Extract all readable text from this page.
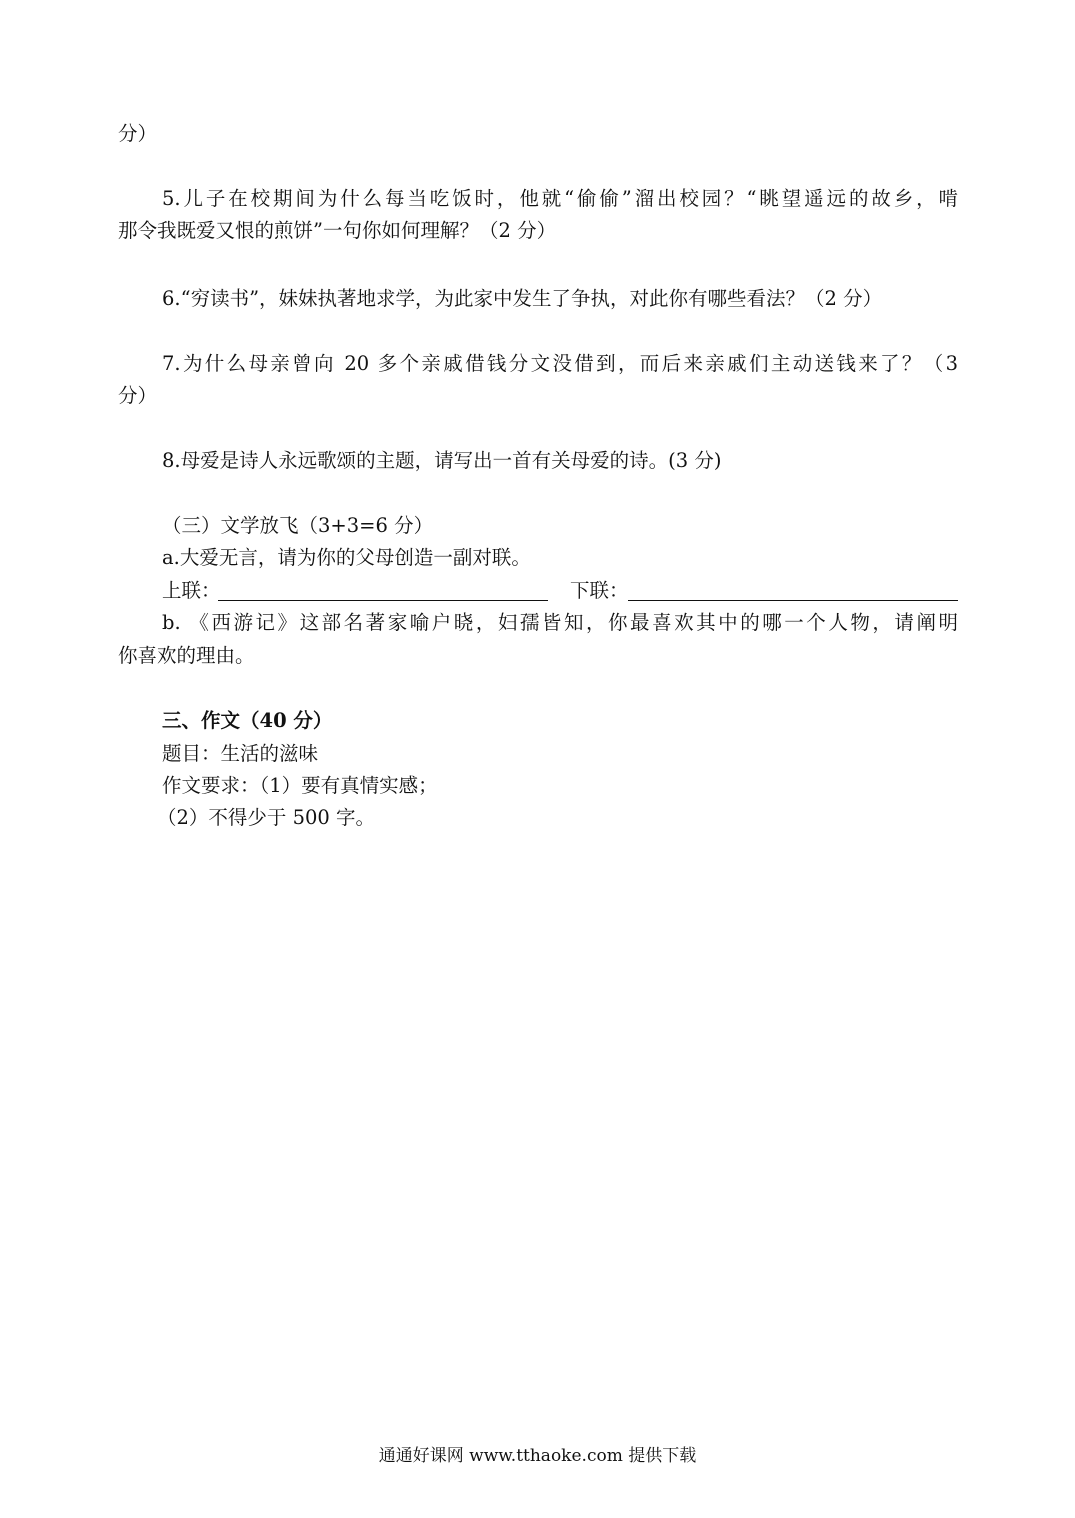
分）
5.儿子在校期间为什么每当吃饭时，他就“偷偷”溜出校园？“眺望遥远的故乡，啃
那令我既爱又恨的煎饼”一句你如何理解？（2 分）
6.“穷读书”，妹妹执著地求学，为此家中发生了争执，对此你有哪些看法？（2 分）
7.为什么母亲曾向 20 多个亲戚借钱分文没借到，而后来亲戚们主动送钱来了？（3
分）
8.母爱是诗人永远歌颂的主题，请写出一首有关母爱的诗。(3 分)
（三）文学放飞（3+3=6 分）
a.大爱无言，请为你的父母创造一副对联。
上联：	下联：
b. 《西游记》这部名著家喻户晓，妇孺皆知，你最喜欢其中的哪一个人物，请阐明
你喜欢的理由。
三、作文（40 分）
题目：生活的滋味
作文要求：（1）要有真情实感；
（2）不得少于 500 字。
通通好课网 www.tthaoke.com 提供下载
